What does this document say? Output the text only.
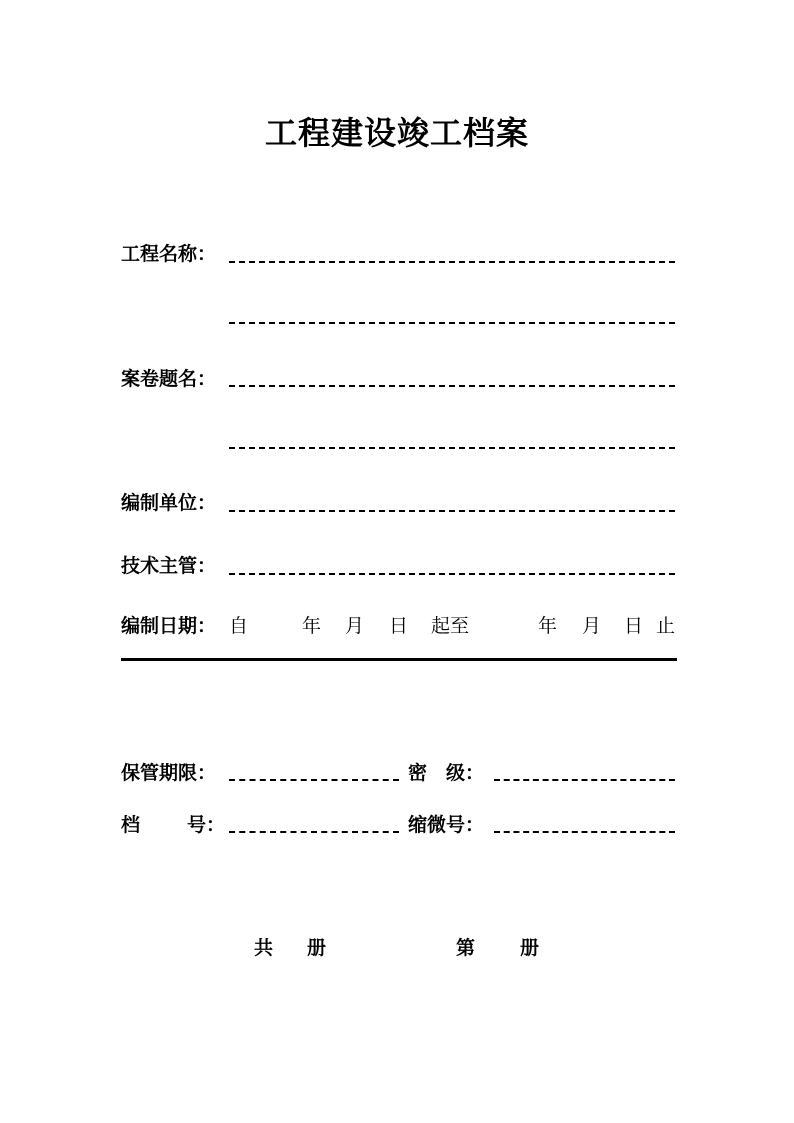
工程建设竣工档案
工程名称：
案卷题名：
编制单位：
技术主管：
编制日期： 自	年 月 日 起至	年 月 日 止
保管期限：	密　级：
档 号：	缩微号：
共 册	第 册
